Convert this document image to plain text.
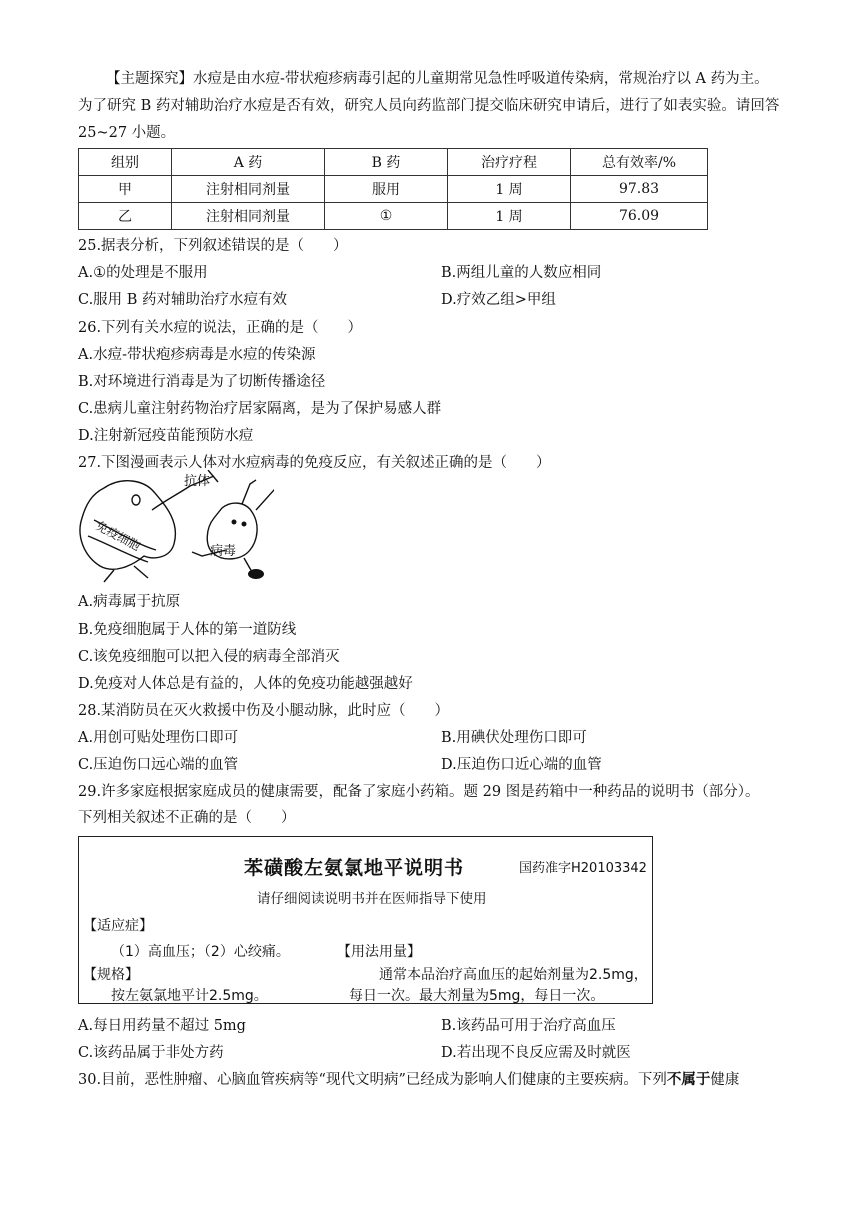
【主题探究】水痘是由水痘-带状疱疹病毒引起的儿童期常见急性呼吸道传染病，常规治疗以 A 药为主。为了研究 B 药对辅助治疗水痘是否有效，研究人员向药监部门提交临床研究申请后，进行了如表实验。请回答 25~27 小题。
组别	A 药	B 药	治疗疗程	总有效率/%
甲	注射相同剂量	服用	1 周	97.83
乙	注射相同剂量	①	1 周	76.09
25.据表分析，下列叙述错误的是（　　）
A.①的处理是不服用	B.两组儿童的人数应相同
C.服用 B 药对辅助治疗水痘有效	D.疗效乙组>甲组
26.下列有关水痘的说法，正确的是（　　）
A.水痘-带状疱疹病毒是水痘的传染源
B.对环境进行消毒是为了切断传播途径
C.患病儿童注射药物治疗居家隔离，是为了保护易感人群
D.注射新冠疫苗能预防水痘
27.下图漫画表示人体对水痘病毒的免疫反应，有关叙述正确的是（　　）
抗体
免疫细胞	病毒
A.病毒属于抗原
B.免疫细胞属于人体的第一道防线
C.该免疫细胞可以把入侵的病毒全部消灭
D.免疫对人体总是有益的，人体的免疫功能越强越好
28.某消防员在灭火救援中伤及小腿动脉，此时应（　　）
A.用创可贴处理伤口即可	B.用碘伏处理伤口即可
C.压迫伤口远心端的血管	D.压迫伤口近心端的血管
29.许多家庭根据家庭成员的健康需要，配备了家庭小药箱。题 29 图是药箱中一种药品的说明书（部分）。
下列相关叙述不正确的是（　　）
苯磺酸左氨氯地平说明书	国药准字H20103342
请仔细阅读说明书并在医师指导下使用
【适应症】
（1）高血压；（2）心绞痛。	【用法用量】
【规格】	通常本品治疗高血压的起始剂量为2.5mg，
按左氨氯地平计2.5mg。	每日一次。最大剂量为5mg，每日一次。
A.每日用药量不超过 5mg	B.该药品可用于治疗高血压
C.该药品属于非处方药	D.若出现不良反应需及时就医
30.目前，恶性肿瘤、心脑血管疾病等“现代文明病”已经成为影响人们健康的主要疾病。下列不属于健康
